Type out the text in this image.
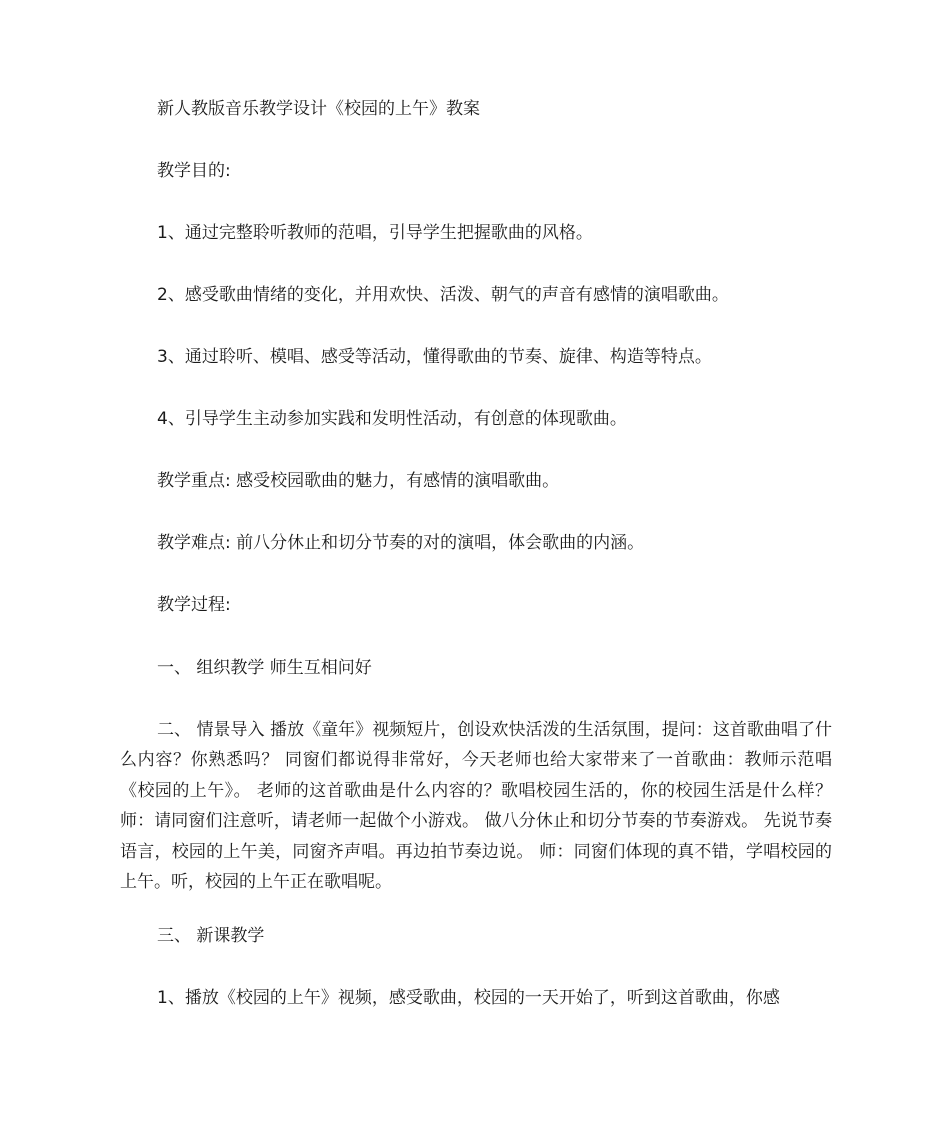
新人教版音乐教学设计《校园的上午》教案
教学目的:
1、通过完整聆听教师的范唱，引导学生把握歌曲的风格。
2、感受歌曲情绪的变化，并用欢快、活泼、朝气的声音有感情的演唱歌曲。
3、通过聆听、模唱、感受等活动，懂得歌曲的节奏、旋律、构造等特点。
4、引导学生主动参加实践和发明性活动，有创意的体现歌曲。
教学重点: 感受校园歌曲的魅力，有感情的演唱歌曲。
教学难点: 前八分休止和切分节奏的对的演唱，体会歌曲的内涵。
教学过程:
一、 组织教学 师生互相问好
二、 情景导入 播放《童年》视频短片，创设欢快活泼的生活氛围，提问：这首歌曲唱了什么内容？你熟悉吗？ 同窗们都说得非常好，今天老师也给大家带来了一首歌曲：教师示范唱《校园的上午》。 老师的这首歌曲是什么内容的？歌唱校园生活的，你的校园生活是什么样？ 师：请同窗们注意听，请老师一起做个小游戏。 做八分休止和切分节奏的节奏游戏。 先说节奏语言，校园的上午美，同窗齐声唱。再边拍节奏边说。 师：同窗们体现的真不错，学唱校园的上午。听，校园的上午正在歌唱呢。
三、 新课教学
1、播放《校园的上午》视频，感受歌曲，校园的一天开始了，听到这首歌曲，你感
